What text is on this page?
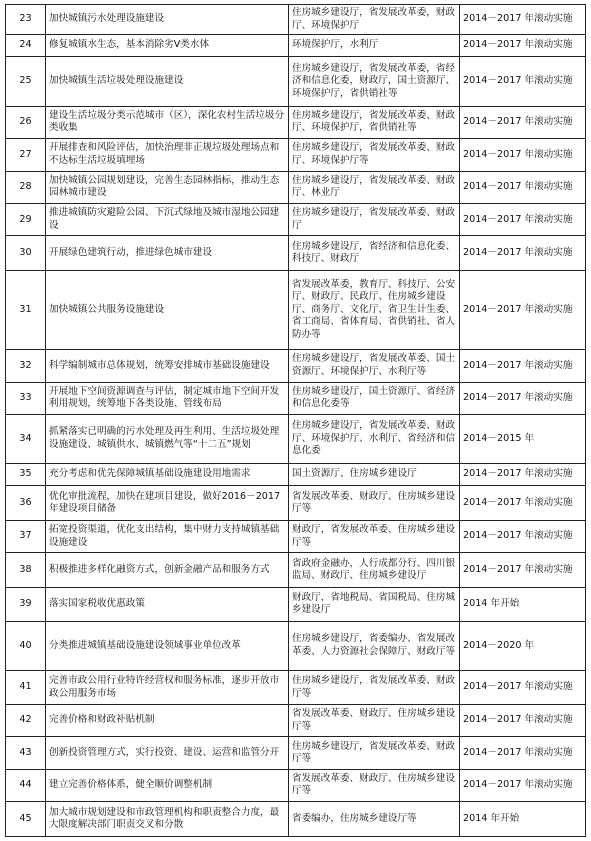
23	加快城镇污水处理设施建设	住房城乡建设厅，省发展改革委，财政厅、环境保护厅	2014－2017 年滚动实施
24	修复城镇水生态，基本消除劣Ⅴ类水体	环境保护厅，水利厅	2014－2017 年滚动实施
25	加快城镇生活垃圾处理设施建设	住房城乡建设厅，省发展改革委，省经济和信息化委，财政厅，国土资源厅、环境保护厅，省供销社等	2014－2017 年滚动实施
26	建设生活垃圾分类示范城市（区），深化农村生活垃圾分类收集	住房城乡建设厅，省发展改革委、财政厅、环境保护厅，省供销社等	2014－2017 年滚动实施
27	开展排查和风险评估，加快治理非正规垃圾处理场点和不达标生活垃圾填埋场	住房城乡建设厅，省发展改革委、财政厅、环境保护厅等	2014－2017 年滚动实施
28	加快城镇公园规划建设，完善生态园林指标，推动生态园林城市建设	住房城乡建设厅，省发展改革委、财政厅、林业厅	2014－2017 年滚动实施
29	推进城镇防灾避险公园、下沉式绿地及城市湿地公园建设	住房城乡建设厅，省发展改革委、财政厅	2014－2017 年滚动实施
30	开展绿色建筑行动，推进绿色城市建设	住房城乡建设厅，省经济和信息化委、科技厅、财政厅	2014－2017 年滚动实施
31	加快城镇公共服务设施建设	省发展改革委，教育厅、科技厅、公安厅、财政厅、民政厅、住房城乡建设厅、商务厅、文化厅、省卫生计生委、省工商局、省体育局、省供销社、省人防办等	2014－2017 年滚动实施
32	科学编制城市总体规划，统筹安排城市基础设施建设	住房城乡建设厅，省发展改革委、国土资源厅、环境保护厅、水利厅等	2014－2017 年滚动实施
33	开展地下空间资源调查与评估，制定城市地下空间开发利用规划，统筹地下各类设施、管线布局	住房城乡建设厅，国土资源厅、省经济和信息化委等	2014－2017 年滚动实施
34	抓紧落实已明确的污水处理及再生利用、生活垃圾处理设施建设、城镇供水、城镇燃气等“十二五”规划	住房城乡建设厅，省发展改革委、财政厅、环境保护厅、水利厅、省经济和信息化委	2014－2015 年
35	充分考虑和优先保障城镇基础设施建设用地需求	国土资源厅、住房城乡建设厅	2014－2017 年滚动实施
36	优化审批流程，加快在建项目建设，做好2016－2017 年建设项目储备	省发展改革委、财政厅、住房城乡建设厅等	2014－2017 年滚动实施
37	拓宽投资渠道，优化支出结构，集中财力支持城镇基础设施建设	财政厅，省发展改革委、住房城乡建设厅等	2014－2017 年滚动实施
38	积极推进多样化融资方式，创新金融产品和服务方式	省政府金融办，人行成都分行、四川银监局、财政厅、住房城乡建设厅	2014－2017 年滚动实施
39	落实国家税收优惠政策	财政厅，省地税局、省国税局、住房城乡建设厅	2014 年开始
40	分类推进城镇基础设施建设领域事业单位改革	住房城乡建设厅，省委编办、省发展改革委、人力资源社会保障厅、财政厅等	2014－2020 年
41	完善市政公用行业特许经营权和服务标准，逐步开放市政公用服务市场	住房城乡建设厅，省发展改革委、财政厅等	2014－2017 年滚动实施
42	完善价格和财政补贴机制	省发展改革委、财政厅、住房城乡建设厅等	2014－2017 年滚动实施
43	创新投资管理方式，实行投资、建设、运营和监管分开	住房城乡建设厅，省发展改革委、财政厅等	2014－2017 年滚动实施
44	建立完善价格体系，健全顺价调整机制	省发展改革委、财政厅、住房城乡建设厅等	2014－2017 年滚动实施
45	加大城市规划建设和市政管理机构和职责整合力度，最大限度解决部门职责交叉和分散	省委编办，住房城乡建设厅等	2014 年开始
